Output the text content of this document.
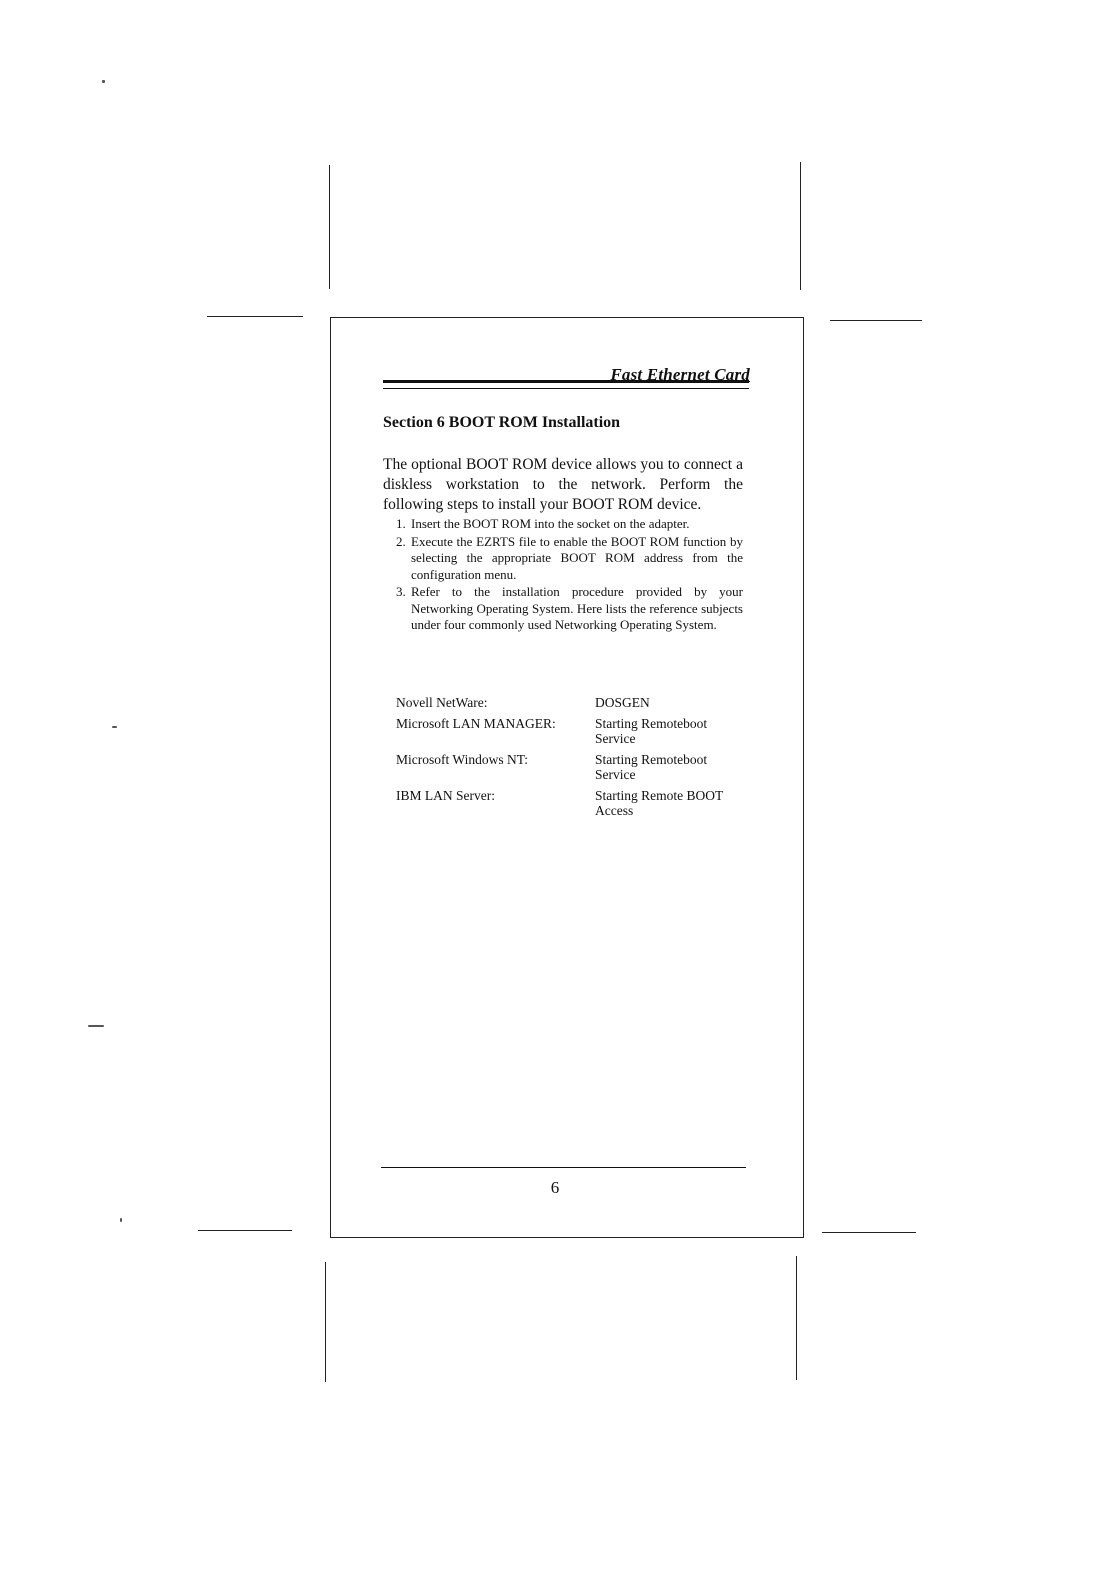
Fast Ethernet Card
Section 6 BOOT ROM Installation
The optional BOOT ROM device allows you to connect a diskless workstation to the network. Perform the following steps to install your BOOT ROM device.
1. Insert the BOOT ROM into the socket on the adapter.
2. Execute the EZRTS file to enable the BOOT ROM function by selecting the appropriate BOOT ROM address from the configuration menu.
3. Refer to the installation procedure provided by your Networking Operating System. Here lists the reference subjects under four commonly used Networking Operating System.
Novell NetWare:	DOSGEN
Microsoft LAN MANAGER:	Starting Remoteboot Service
Microsoft Windows NT:	Starting Remoteboot Service
IBM LAN Server:	Starting Remote BOOT Access
6
